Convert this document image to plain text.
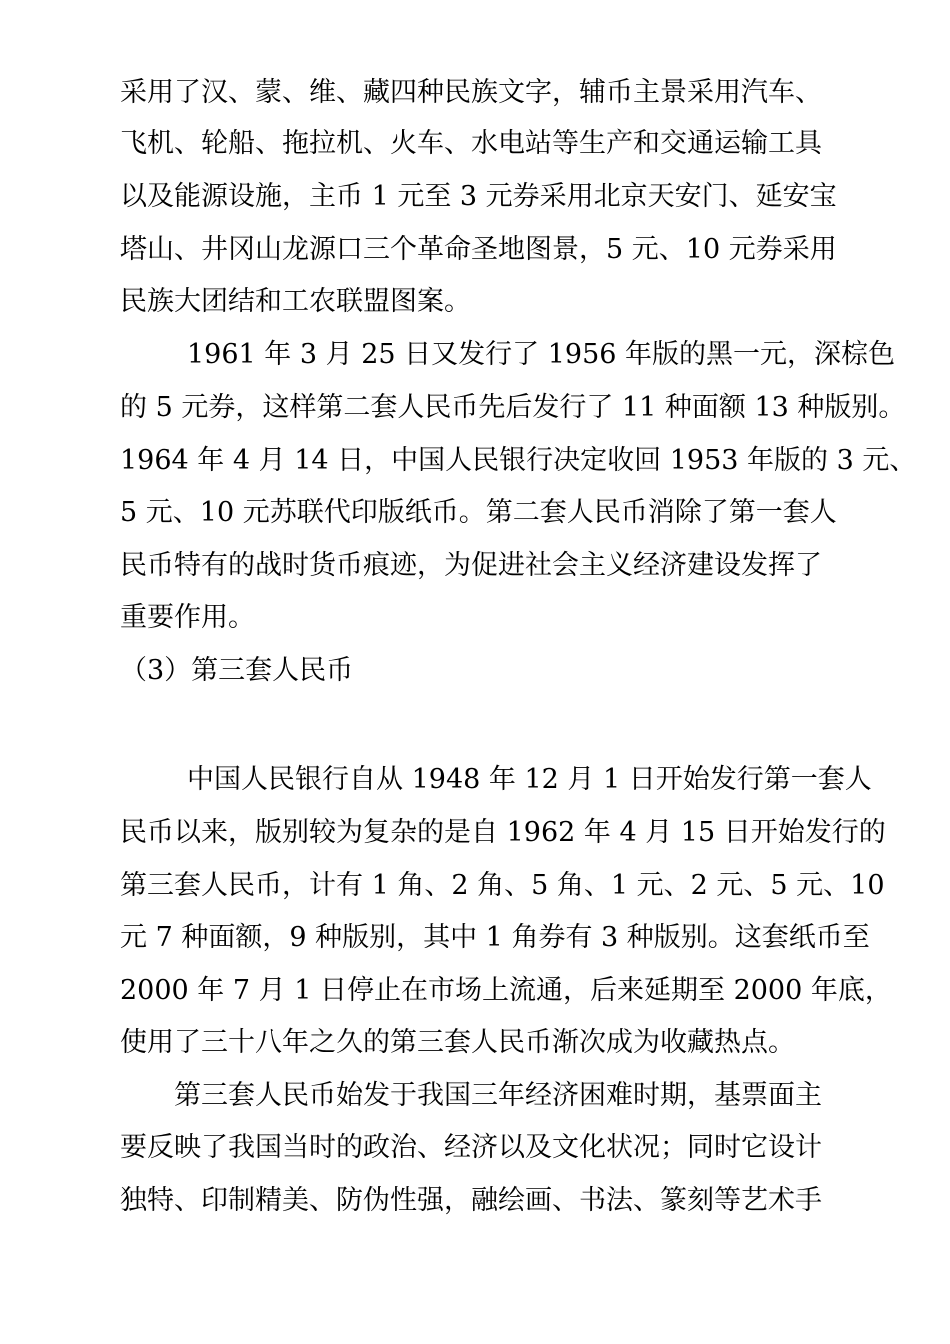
采用了汉、蒙、维、藏四种民族文字，辅币主景采用汽车、
飞机、轮船、拖拉机、火车、水电站等生产和交通运输工具
以及能源设施，主币 1 元至 3 元券采用北京天安门、延安宝
塔山、井冈山龙源口三个革命圣地图景，5 元、10 元券采用
民族大团结和工农联盟图案。
1961 年 3 月 25 日又发行了 1956 年版的黑一元，深棕色
的 5 元券，这样第二套人民币先后发行了 11 种面额 13 种版别。
1964 年 4 月 14 日，中国人民银行决定收回 1953 年版的 3 元、
5 元、10 元苏联代印版纸币。第二套人民币消除了第一套人
民币特有的战时货币痕迹，为促进社会主义经济建设发挥了
重要作用。
（3）第三套人民币
中国人民银行自从 1948 年 12 月 1 日开始发行第一套人
民币以来，版别较为复杂的是自 1962 年 4 月 15 日开始发行的
第三套人民币，计有 1 角、2 角、5 角、1 元、2 元、5 元、10
元 7 种面额，9 种版别，其中 1 角券有 3 种版别。这套纸币至
2000 年 7 月 1 日停止在市场上流通，后来延期至 2000 年底，
使用了三十八年之久的第三套人民币渐次成为收藏热点。
第三套人民币始发于我国三年经济困难时期，基票面主
要反映了我国当时的政治、经济以及文化状况；同时它设计
独特、印制精美、防伪性强，融绘画、书法、篆刻等艺术手
